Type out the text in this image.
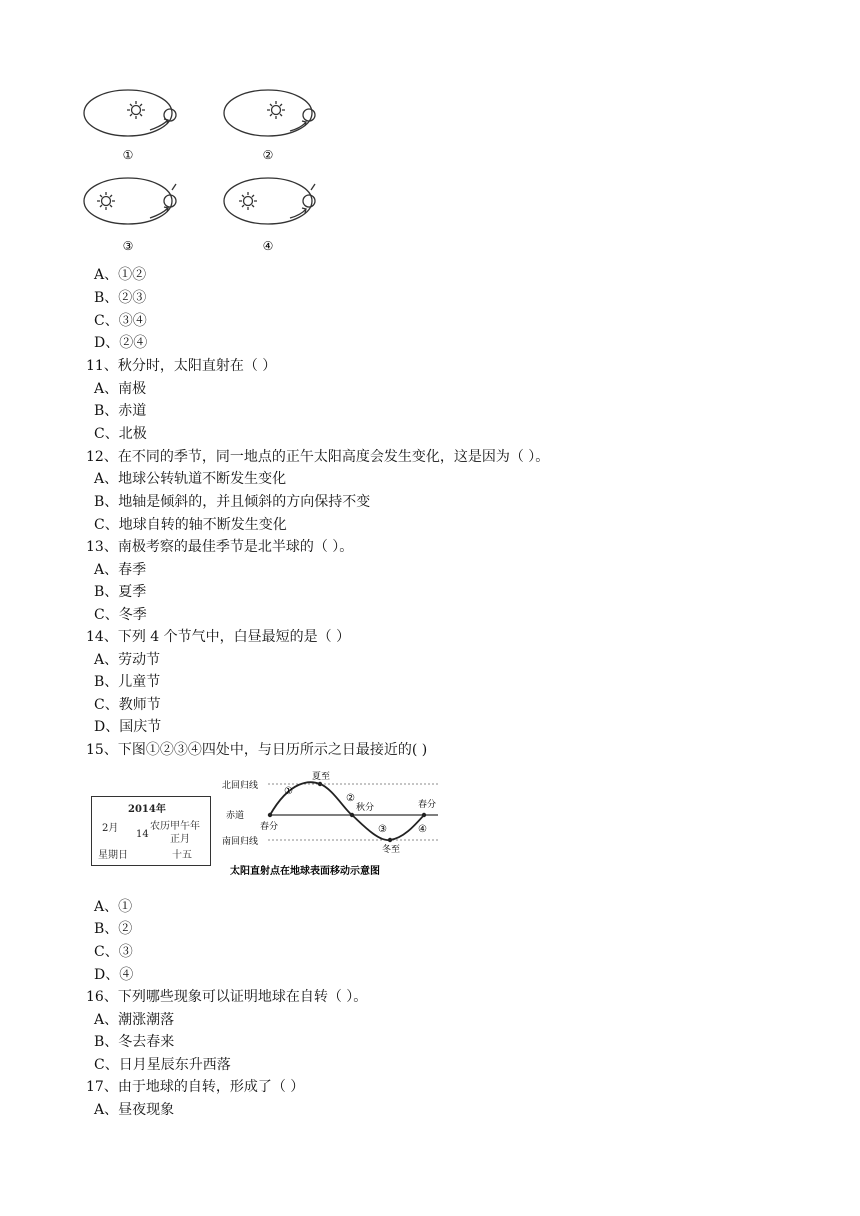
①	②
③	④
A、①②
B、②③
C、③④
D、②④
11、秋分时，太阳直射在（ ）
A、南极
B、赤道
C、北极
12、在不同的季节，同一地点的正午太阳高度会发生变化，这是因为（ ）。
A、地球公转轨道不断发生变化
B、地轴是倾斜的，并且倾斜的方向保持不变
C、地球自转的轴不断发生变化
13、南极考察的最佳季节是北半球的（ ）。
A、春季
B、夏季
C、冬季
14、下列 4 个节气中，白昼最短的是（ ）
A、劳动节
B、儿童节
C、教师节
D、国庆节
15、下图①②③④四处中，与日历所示之日最接近的( )
A、①
B、②
C、③
D、④
16、下列哪些现象可以证明地球在自转（ ）。
A、潮涨潮落
B、冬去春来
C、日月星辰东升西落
17、由于地球的自转，形成了（ ）
A、昼夜现象
2014年
2月
14
农历甲午年
正月
星期日	十五
北回归线
赤道
南回归线
夏至
秋分
春分
春分
冬至
①
②
③	④
太阳直射点在地球表面移动示意图
